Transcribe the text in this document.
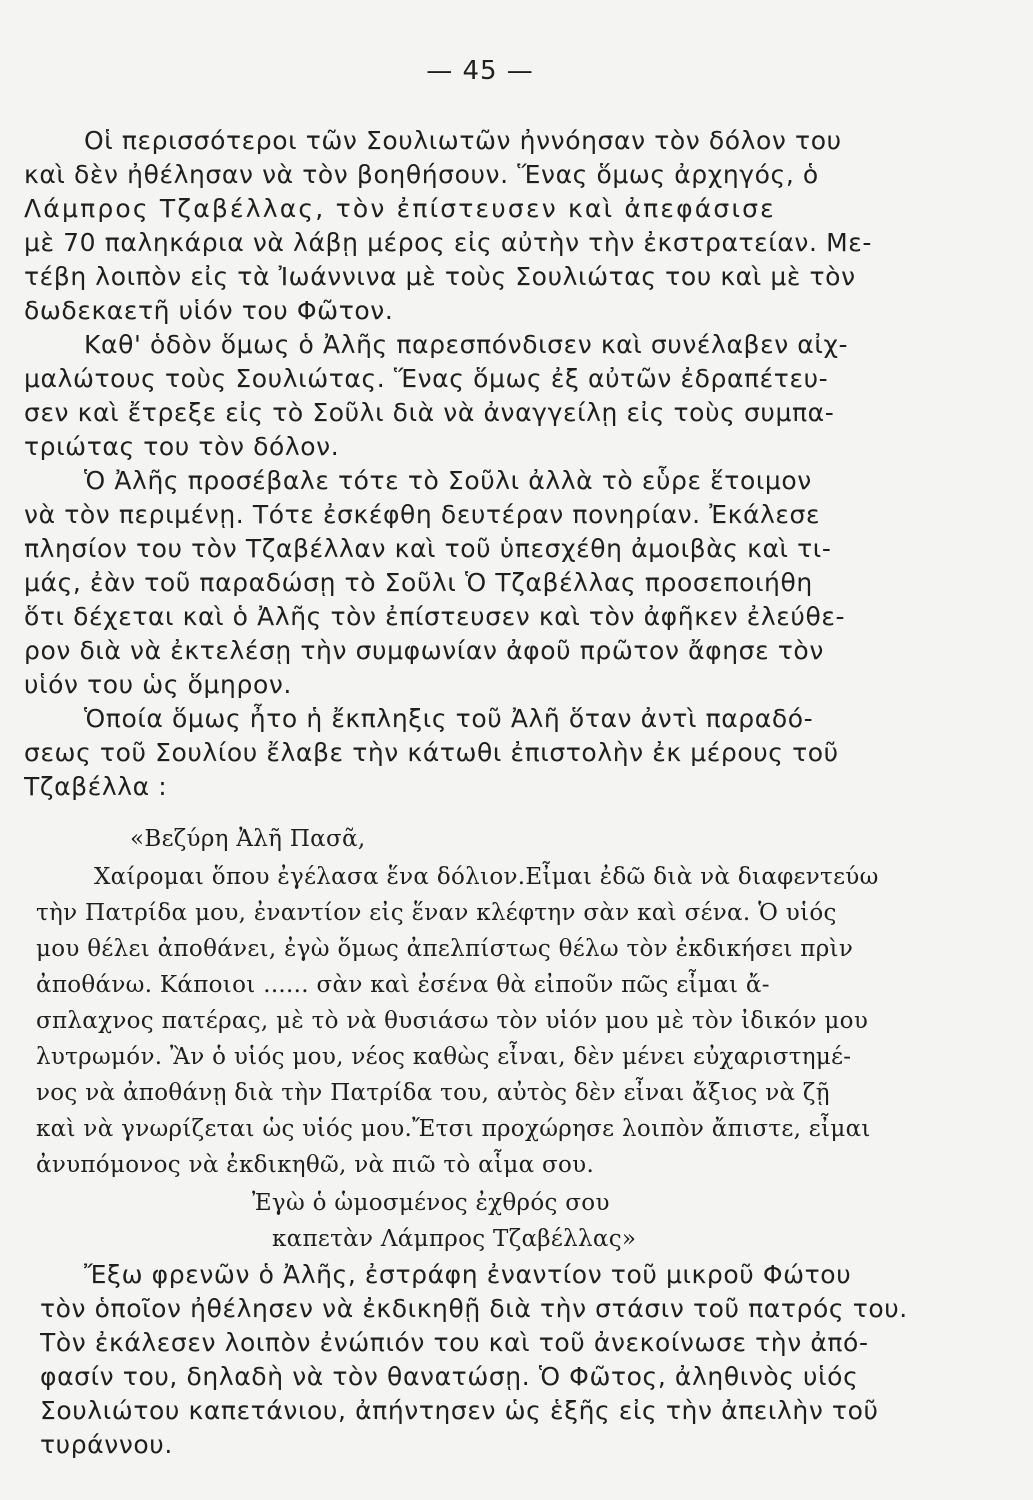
— 45 —
Οἱ περισσότεροι τῶν Σουλιωτῶν ἠννόησαν τὸν δόλον του
καὶ δὲν ἠθέλησαν νὰ τὸν βοηθήσουν. Ἕνας ὅμως ἀρχηγός, ὁ
Λάμπρος Τζαβέλλας, τὸν ἐπίστευσεν καὶ ἀπεφάσισε
μὲ 70 παληκάρια νὰ λάβῃ μέρος εἰς αὐτὴν τὴν ἐκστρατείαν. Με-
τέβη λοιπὸν εἰς τὰ Ἰωάννινα μὲ τοὺς Σουλιώτας του καὶ μὲ τὸν
δωδεκαετῆ υἱόν του Φῶτον.
Καθ' ὁδὸν ὅμως ὁ Ἀλῆς παρεσπόνδισεν καὶ συνέλαβεν αἰχ-
μαλώτους τοὺς Σουλιώτας. Ἕνας ὅμως ἐξ αὐτῶν ἐδραπέτευ-
σεν καὶ ἔτρεξε εἰς τὸ Σοῦλι διὰ νὰ ἀναγγείλῃ εἰς τοὺς συμπα-
τριώτας του τὸν δόλον.
Ὁ Ἀλῆς προσέβαλε τότε τὸ Σοῦλι ἀλλὰ τὸ εὗρε ἕτοιμον
νὰ τὸν περιμένῃ. Τότε ἐσκέφθη δευτέραν πονηρίαν. Ἐκάλεσε
πλησίον του τὸν Τζαβέλλαν καὶ τοῦ ὑπεσχέθη ἀμοιβὰς καὶ τι-
μάς, ἐὰν τοῦ παραδώσῃ τὸ Σοῦλι Ὁ Τζαβέλλας προσεποιήθη
ὅτι δέχεται καὶ ὁ Ἀλῆς τὸν ἐπίστευσεν καὶ τὸν ἀφῆκεν ἐλεύθε-
ρον διὰ νὰ ἐκτελέσῃ τὴν συμφωνίαν ἀφοῦ πρῶτον ἄφησε τὸν
υἱόν του ὡς ὅμηρον.
Ὁποία ὅμως ἦτο ἡ ἔκπληξις τοῦ Ἀλῆ ὅταν ἀντὶ παραδό-
σεως τοῦ Σουλίου ἔλαβε τὴν κάτωθι ἐπιστολὴν ἐκ μέρους τοῦ
Τζαβέλλα :
«Βεζύρη Ἀλῆ Πασᾶ,
Χαίρομαι ὅπου ἐγέλασα ἕνα δόλιον.Εἶμαι ἐδῶ διὰ νὰ διαφεντεύω
τὴν Πατρίδα μου, ἐναντίον εἰς ἕναν κλέφτην σὰν καὶ σένα. Ὁ υἱός
μου θέλει ἀποθάνει, ἐγὼ ὅμως ἀπελπίστως θέλω τὸν ἐκδικήσει πρὶν
ἀποθάνω. Κάποιοι ...... σὰν καὶ ἐσένα θὰ εἰποῦν πῶς εἶμαι ἄ-
σπλαχνος πατέρας, μὲ τὸ νὰ θυσιάσω τὸν υἱόν μου μὲ τὸν ἰδικόν μου
λυτρωμόν. Ἂν ὁ υἱός μου, νέος καθὼς εἶναι, δὲν μένει εὐχαριστημέ-
νος νὰ ἀποθάνῃ διὰ τὴν Πατρίδα του, αὐτὸς δὲν εἶναι ἄξιος νὰ ζῇ
καὶ νὰ γνωρίζεται ὡς υἱός μου.Ἔτσι προχώρησε λοιπὸν ἄπιστε, εἶμαι
ἀνυπόμονος νὰ ἐκδικηθῶ, νὰ πιῶ τὸ αἷμα σου.
Ἐγὼ ὁ ὡμοσμένος ἐχθρός σου
καπετὰν Λάμπρος Τζαβέλλας»
Ἔξω φρενῶν ὁ Ἀλῆς, ἐστράφη ἐναντίον τοῦ μικροῦ Φώτου
τὸν ὁποῖον ἠθέλησεν νὰ ἐκδικηθῇ διὰ τὴν στάσιν τοῦ πατρός του.
Τὸν ἐκάλεσεν λοιπὸν ἐνώπιόν του καὶ τοῦ ἀνεκοίνωσε τὴν ἀπό-
φασίν του, δηλαδὴ νὰ τὸν θανατώσῃ. Ὁ Φῶτος, ἀληθινὸς υἱός
Σουλιώτου καπετάνιου, ἀπήντησεν ὡς ἑξῆς εἰς τὴν ἀπειλὴν τοῦ
τυράννου.
